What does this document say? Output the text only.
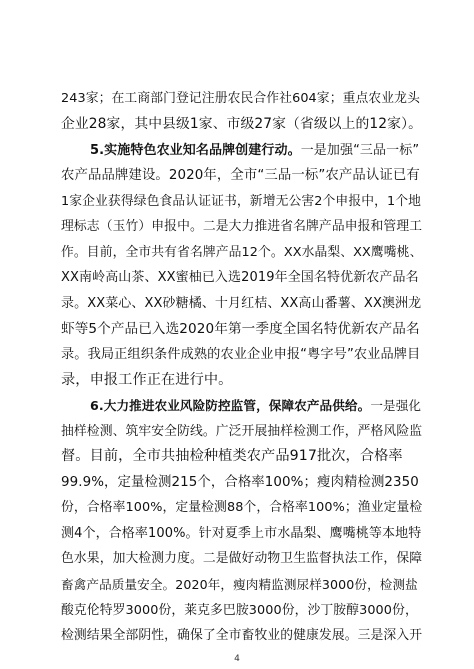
243家；在工商部门登记注册农民合作社604家；重点农业龙头
企业28家，其中县级1家、市级27家（省级以上的12家）。
5.实施特色农业知名品牌创建行动。一是加强“三品一标”
农产品品牌建设。2020年，全市“三品一标”农产品认证已有
1家企业获得绿色食品认证证书，新增无公害2个申报中，1个地
理标志（玉竹）申报中。二是大力推进省名牌产品申报和管理工
作。目前，全市共有省名牌产品12个。XX水晶梨、XX鹰嘴桃、
XX南岭高山茶、XX蜜柚已入选2019年全国名特优新农产品名
录。XX菜心、XX砂糖橘、十月红桔、XX高山番薯、XX澳洲龙
虾等5个产品已入选2020年第一季度全国名特优新农产品名
录。我局正组织条件成熟的农业企业申报“粤字号”农业品牌目
录，申报工作正在进行中。
6.大力推进农业风险防控监管，保障农产品供给。一是强化
抽样检测、筑牢安全防线。广泛开展抽样检测工作，严格风险监
督。目前，全市共抽检种植类农产品917批次，合格率
99.9%，定量检测215个，合格率100%；瘦肉精检测2350
份，合格率100%，定量检测88个，合格率100%；渔业定量检
测4个，合格率100%。针对夏季上市水晶梨、鹰嘴桃等本地特
色水果，加大检测力度。二是做好动物卫生监督执法工作，保障
畜禽产品质量安全。2020年，瘦肉精监测尿样3000份，检测盐
酸克伦特罗3000份，莱克多巴胺3000份，沙丁胺醇3000份，
检测结果全部阴性，确保了全市畜牧业的健康发展。三是深入开
4
